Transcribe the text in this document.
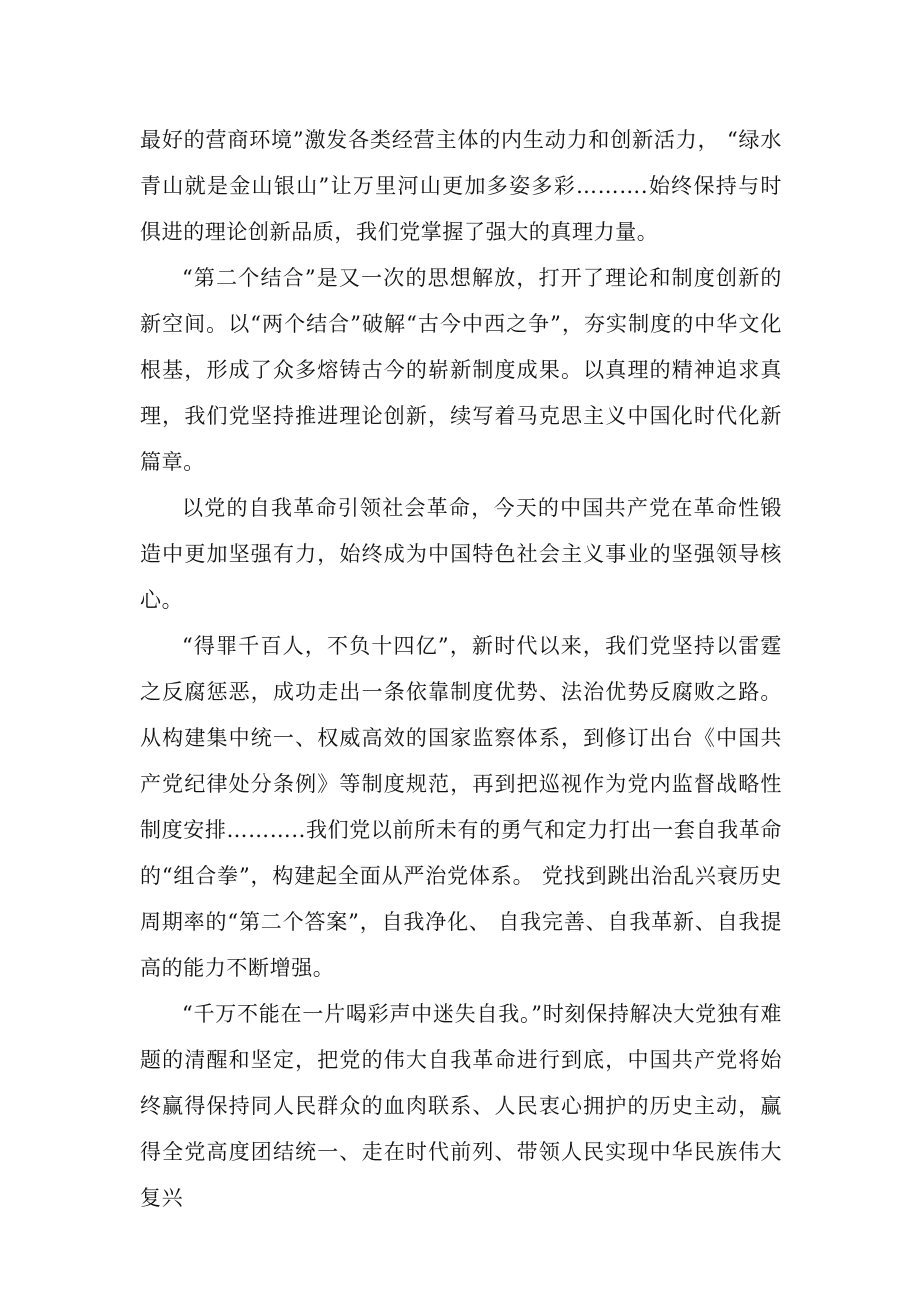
最好的营商环境”激发各类经营主体的内生动力和创新活力， “绿水青山就是金山银山”让万里河山更加多姿多彩……….始终保持与时俱进的理论创新品质，我们党掌握了强大的真理力量。

“第二个结合”是又一次的思想解放，打开了理论和制度创新的新空间。以“两个结合”破解“古今中西之争”，夯实制度的中华文化根基，形成了众多熔铸古今的崭新制度成果。以真理的精神追求真理，我们党坚持推进理论创新，续写着马克思主义中国化时代化新篇章。

以党的自我革命引领社会革命，今天的中国共产党在革命性锻造中更加坚强有力，始终成为中国特色社会主义事业的坚强领导核心。

“得罪千百人，不负十四亿”，新时代以来，我们党坚持以雷霆之反腐惩恶，成功走出一条依靠制度优势、法治优势反腐败之路。从构建集中统一、权威高效的国家监察体系，到修订出台《中国共产党纪律处分条例》等制度规范，再到把巡视作为党内监督战略性制度安排………..我们党以前所未有的勇气和定力打出一套自我革命的“组合拳”，构建起全面从严治党体系。 党找到跳出治乱兴衰历史周期率的“第二个答案”，自我净化、 自我完善、自我革新、自我提高的能力不断增强。

“千万不能在一片喝彩声中迷失自我。”时刻保持解决大党独有难题的清醒和坚定，把党的伟大自我革命进行到底，中国共产党将始终赢得保持同人民群众的血肉联系、人民衷心拥护的历史主动，赢得全党高度团结统一、走在时代前列、带领人民实现中华民族伟大复兴
